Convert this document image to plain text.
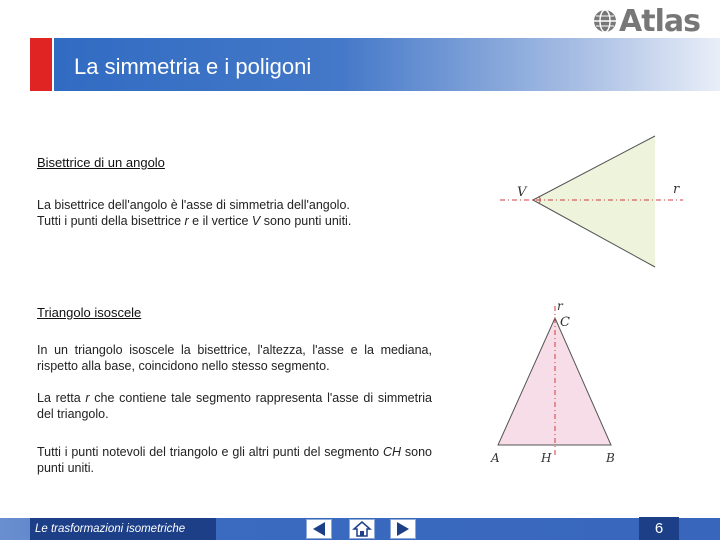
Atlas
La simmetria e i poligoni
Bisettrice di un angolo
La bisettrice dell'angolo è l'asse di simmetria dell'angolo.
Tutti i punti della bisettrice r e il vertice V sono punti uniti.
V	r
Triangolo isoscele
In un triangolo isoscele la bisettrice, l'altezza, l'asse e la mediana, rispetto alla base, coincidono nello stesso segmento.
La retta r che contiene tale segmento rappresenta l'asse di simmetria del triangolo.
Tutti i punti notevoli del triangolo e gli altri punti del segmento CH sono punti uniti.
r
C
A	H	B
Le trasformazioni isometriche	6
